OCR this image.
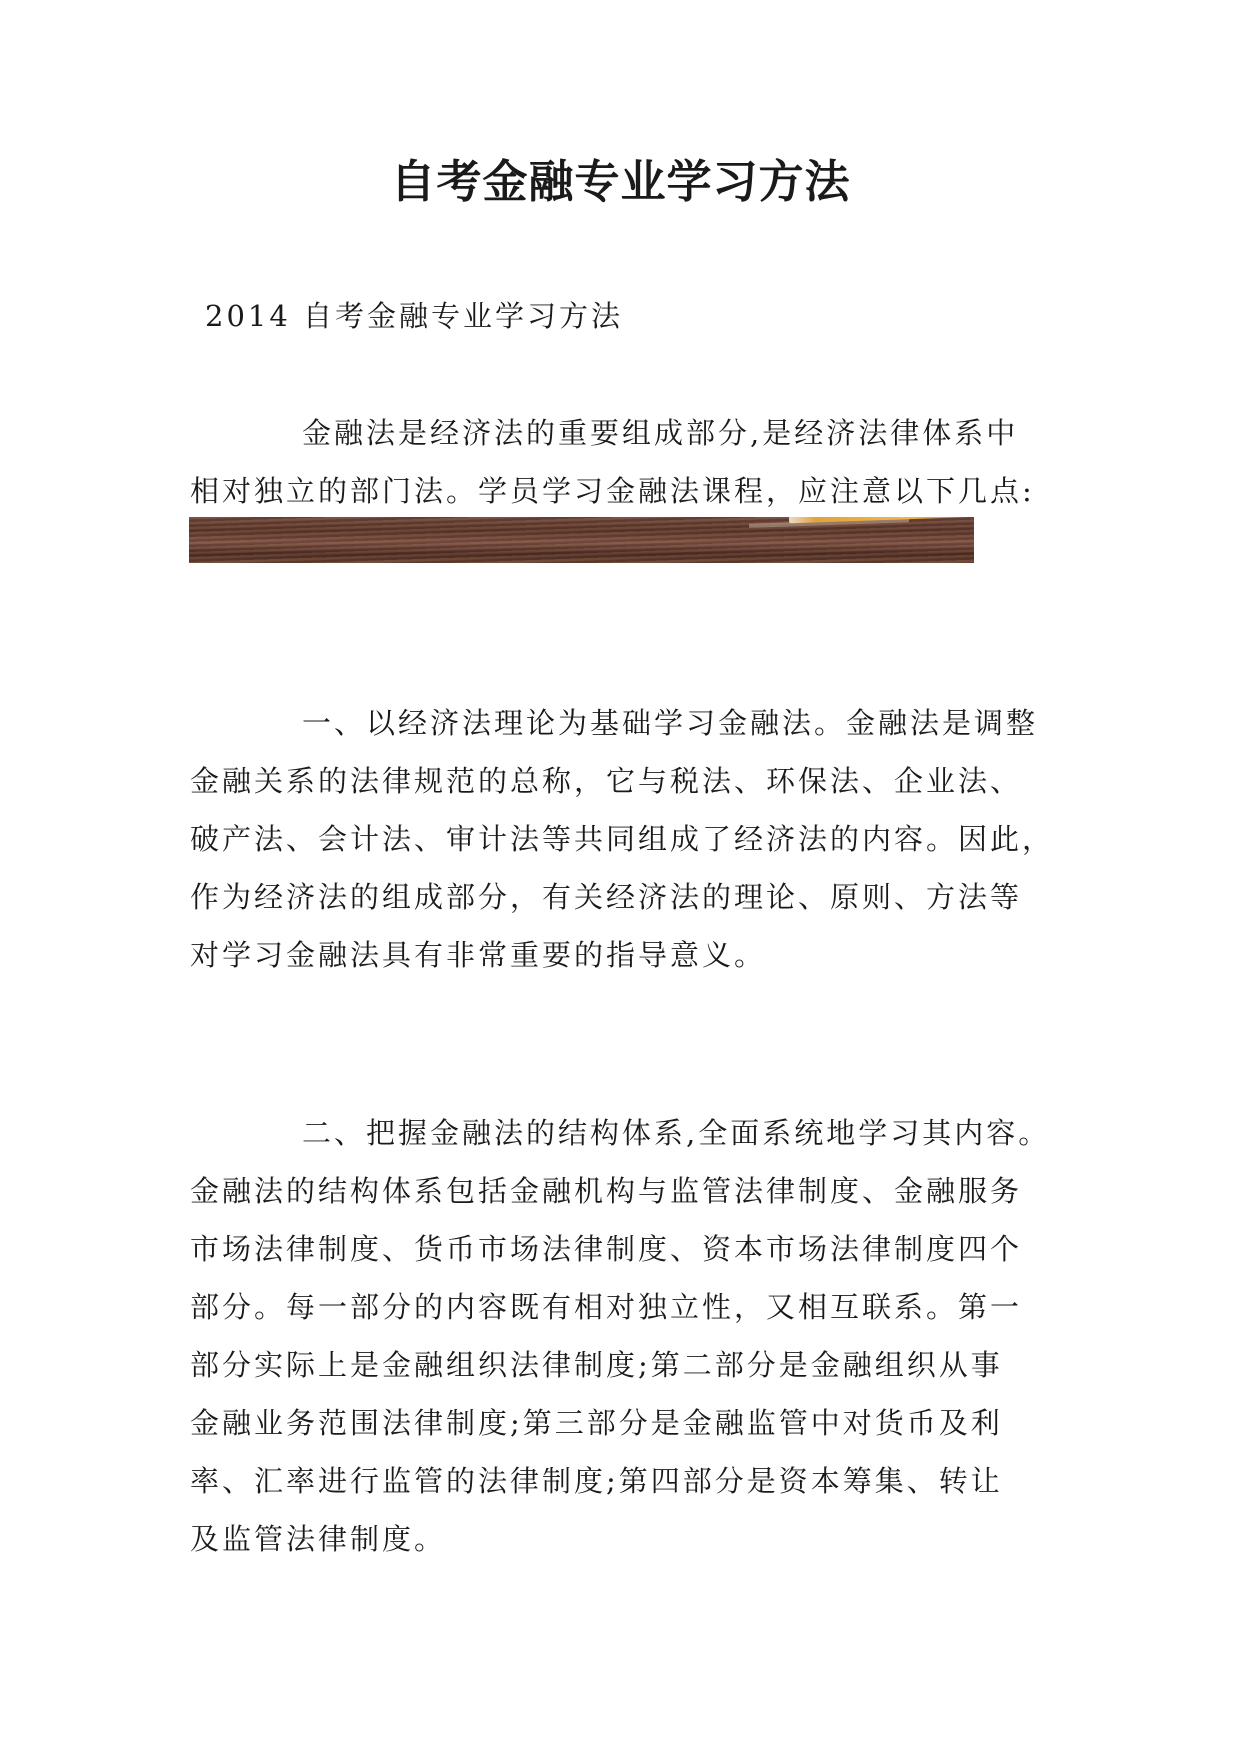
自考金融专业学习方法
2014 自考金融专业学习方法
金融法是经济法的重要组成部分,是经济法律体系中
相对独立的部门法。学员学习金融法课程，应注意以下几点:
一、以经济法理论为基础学习金融法。金融法是调整
金融关系的法律规范的总称，它与税法、环保法、企业法、
破产法、会计法、审计法等共同组成了经济法的内容。因此，
作为经济法的组成部分，有关经济法的理论、原则、方法等
对学习金融法具有非常重要的指导意义。
二、把握金融法的结构体系,全面系统地学习其内容。
金融法的结构体系包括金融机构与监管法律制度、金融服务
市场法律制度、货币市场法律制度、资本市场法律制度四个
部分。每一部分的内容既有相对独立性，又相互联系。第一
部分实际上是金融组织法律制度;第二部分是金融组织从事
金融业务范围法律制度;第三部分是金融监管中对货币及利
率、汇率进行监管的法律制度;第四部分是资本筹集、转让
及监管法律制度。
